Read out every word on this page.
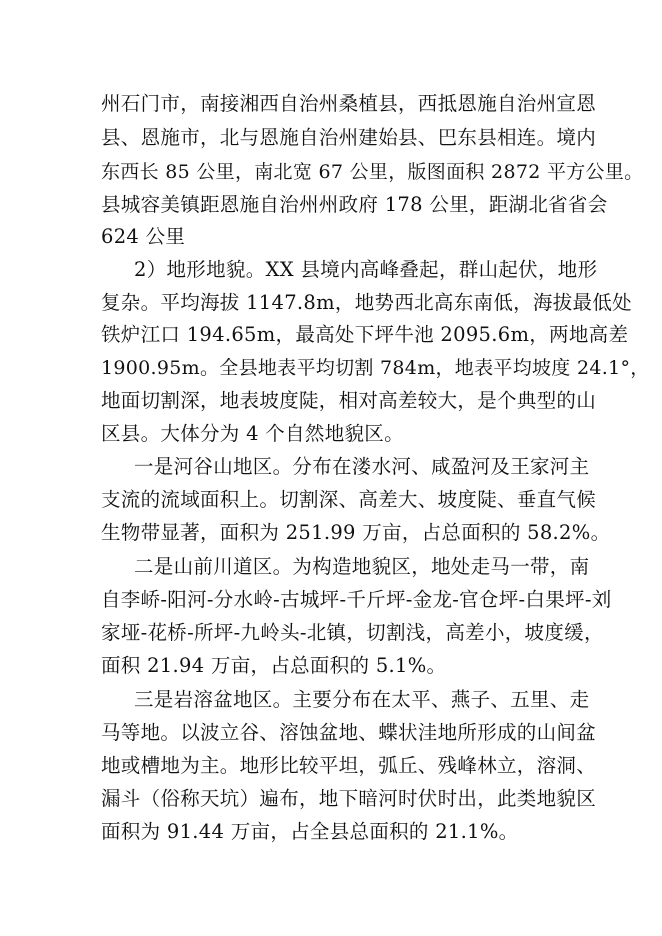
州石门市，南接湘西自治州桑植县，西抵恩施自治州宣恩
县、恩施市，北与恩施自治州建始县、巴东县相连。境内
东西长 85 公里，南北宽 67 公里，版图面积 2872 平方公里。
县城容美镇距恩施自治州州政府 178 公里，距湖北省省会
624 公里
2）地形地貌。XX 县境内高峰叠起，群山起伏，地形
复杂。平均海拔 1147.8m，地势西北高东南低，海拔最低处
铁炉江口 194.65m，最高处下坪牛池 2095.6m，两地高差
1900.95m。全县地表平均切割 784m，地表平均坡度 24.1°，
地面切割深，地表坡度陡，相对高差较大，是个典型的山
区县。大体分为 4 个自然地貌区。
一是河谷山地区。分布在溇水河、咸盈河及王家河主
支流的流域面积上。切割深、高差大、坡度陡、垂直气候
生物带显著，面积为 251.99 万亩，占总面积的 58.2%。
二是山前川道区。为构造地貌区，地处走马一带，南
自李峤-阳河-分水岭-古城坪-千斤坪-金龙-官仓坪-白果坪-刘
家垭-花桥-所坪-九岭头-北镇，切割浅，高差小，坡度缓，
面积 21.94 万亩，占总面积的 5.1%。
三是岩溶盆地区。主要分布在太平、燕子、五里、走
马等地。以波立谷、溶蚀盆地、蝶状洼地所形成的山间盆
地或槽地为主。地形比较平坦，弧丘、残峰林立，溶洞、
漏斗（俗称天坑）遍布，地下暗河时伏时出，此类地貌区
面积为 91.44 万亩，占全县总面积的 21.1%。
